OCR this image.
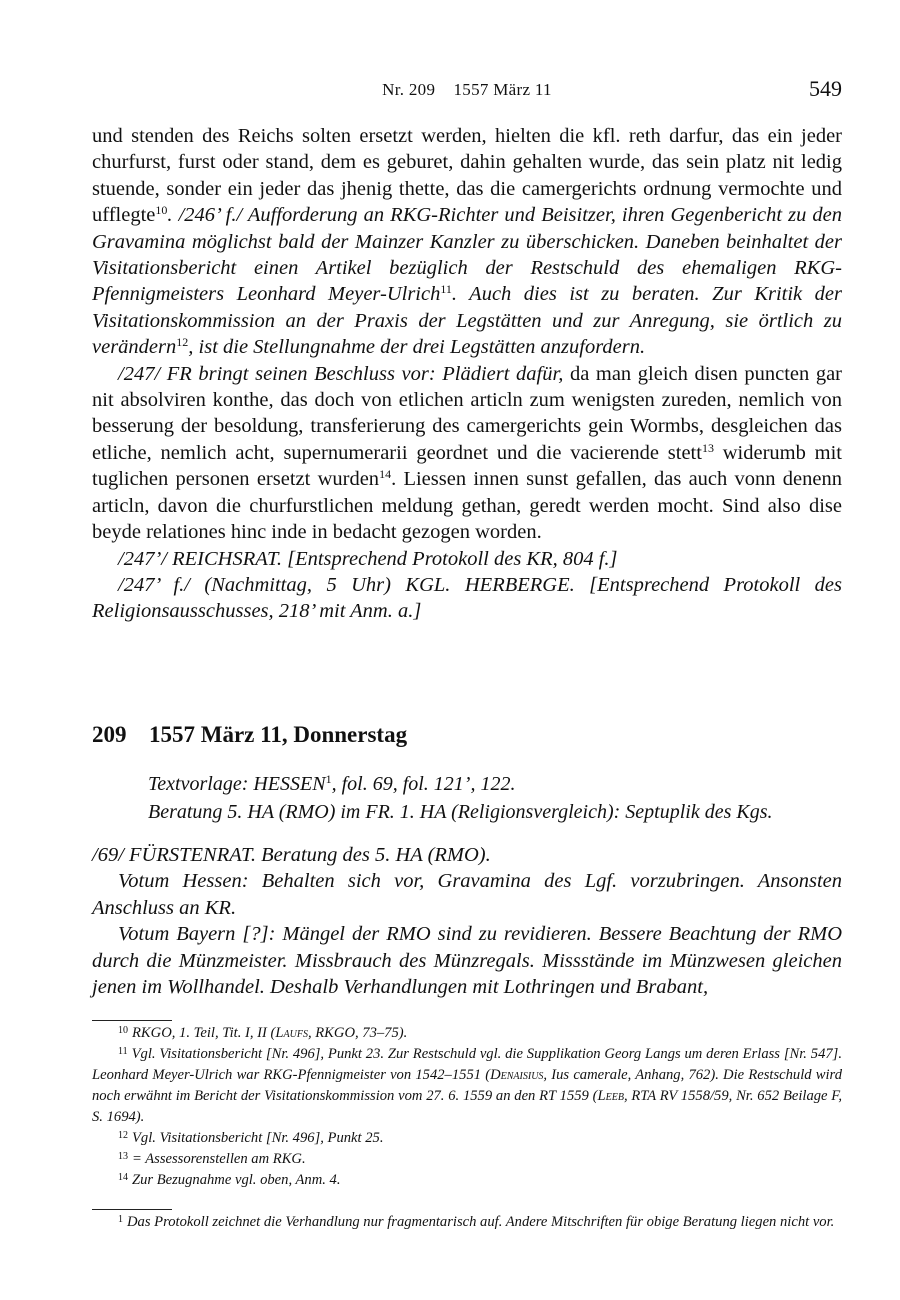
Nr. 209    1557 März 11	549

und stenden des Reichs solten ersetzt werden, hielten die kfl. reth darfur, das ein jeder churfurst, furst oder stand, dem es geburet, dahin gehalten wurde, das sein platz nit ledig stuende, sonder ein jeder das jhenig thette, das die camergerichts ordnung vermochte und ufflegte$^{10}$. /246’ f./ Aufforderung an RKG-Richter und Beisitzer, ihren Gegenbericht zu den Gravamina möglichst bald der Mainzer Kanzler zu überschicken. Daneben beinhaltet der Visitationsbericht einen Artikel bezüglich der Restschuld des ehemaligen RKG-Pfennigmeisters Leonhard Meyer-Ulrich$^{11}$. Auch dies ist zu beraten. Zur Kritik der Visitationskommission an der Praxis der Legstätten und zur Anregung, sie örtlich zu verändern$^{12}$, ist die Stellungnahme der drei Legstätten anzufordern.

/247/ FR bringt seinen Beschluss vor: Plädiert dafür, da man gleich disen puncten gar nit absolviren konthe, das doch von etlichen articln zum wenigsten zureden, nemlich von besserung der besoldung, transferierung des camergerichts gein Wormbs, desgleichen das etliche, nemlich acht, supernumerarii geordnet und die vacierende stett$^{13}$ widerumb mit tuglichen personen ersetzt wurden$^{14}$. Liessen innen sunst gefallen, das auch vonn denenn articln, davon die churfurstlichen meldung gethan, geredt werden mocht. Sind also dise beyde relationes hinc inde in bedacht gezogen worden.

/247’/ REICHSRAT. [Entsprechend Protokoll des KR, 804 f.]

/247’ f./ (Nachmittag, 5 Uhr) KGL. HERBERGE. [Entsprechend Protokoll des Religionsausschusses, 218’ mit Anm. a.]

209 1557 März 11, Donnerstag

Textvorlage: HESSEN$^1$, fol. 69, fol. 121’, 122.

Beratung 5. HA (RMO) im FR. 1. HA (Religionsvergleich): Septuplik des Kgs.

/69/ FÜRSTENRAT. Beratung des 5. HA (RMO).

Votum Hessen: Behalten sich vor, Gravamina des Lgf. vorzubringen. Ansonsten Anschluss an KR.

Votum Bayern [?]: Mängel der RMO sind zu revidieren. Bessere Beachtung der RMO durch die Münzmeister. Missbrauch des Münzregals. Missstände im Münzwesen gleichen jenen im Wollhandel. Deshalb Verhandlungen mit Lothringen und Brabant,

$^{10}$ RKGO, 1. Teil, Tit. I, II (Laufs, RKGO, 73–75).

$^{11}$ Vgl. Visitationsbericht [Nr. 496], Punkt 23. Zur Restschuld vgl. die Supplikation Georg Langs um deren Erlass [Nr. 547]. Leonhard Meyer-Ulrich war RKG-Pfennigmeister von 1542–1551 (Denaisius, Ius camerale, Anhang, 762). Die Restschuld wird noch erwähnt im Bericht der Visitationskommission vom 27. 6. 1559 an den RT 1559 (Leeb, RTA RV 1558/59, Nr. 652 Beilage F, S. 1694).

$^{12}$ Vgl. Visitationsbericht [Nr. 496], Punkt 25.

$^{13}$ = Assessorenstellen am RKG.

$^{14}$ Zur Bezugnahme vgl. oben, Anm. 4.

$^1$ Das Protokoll zeichnet die Verhandlung nur fragmentarisch auf. Andere Mitschriften für obige Beratung liegen nicht vor.
